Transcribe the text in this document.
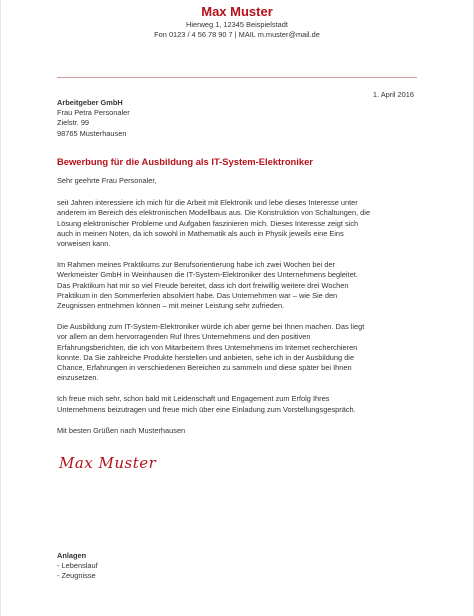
Max Muster
Hierweg 1, 12345 Beispielstadt
Fon 0123 / 4 56 78 90 7 | MAIL m.muster@mail.de
1. April 2016
Arbeitgeber GmbH
Frau Petra Personaler
Zielstr. 99
98765 Musterhausen
Bewerbung für die Ausbildung als IT-System-Elektroniker

Sehr geehrte Frau Personaler,

seit Jahren interessiere ich mich für die Arbeit mit Elektronik und lebe dieses Interesse unter
anderem im Bereich des elektronischen Modellbaus aus. Die Konstruktion von Schaltungen, die
Lösung elektronischer Probleme und Aufgaben faszinieren mich. Dieses Interesse zeigt sich
auch in meinen Noten, da ich sowohl in Mathematik als auch in Physik jeweils eine Eins
vorweisen kann.

Im Rahmen meines Praktikums zur Berufsorientierung habe ich zwei Wochen bei der
Werkmeister GmbH in Weinhausen die IT-System-Elektroniker des Unternehmens begleitet.
Das Praktikum hat mir so viel Freude bereitet, dass ich dort freiwillig weitere drei Wochen
Praktikum in den Sommerferien absolviert habe. Das Unternehmen war – wie Sie den
Zeugnissen entnehmen können – mit meiner Leistung sehr zufrieden.

Die Ausbildung zum IT-System-Elektroniker würde ich aber gerne bei Ihnen machen. Das liegt
vor allem an dem hervorragenden Ruf Ihres Unternehmens und den positiven
Erfahrungsberichten, die ich von Mitarbeitern Ihres Unternehmens im Internet recherchieren
konnte. Da Sie zahlreiche Produkte herstellen und anbieten, sehe ich in der Ausbildung die
Chance, Erfahrungen in verschiedenen Bereichen zu sammeln und diese später bei Ihnen
einzusetzen.

Ich freue mich sehr, schon bald mit Leidenschaft und Engagement zum Erfolg Ihres
Unternehmens beizutragen und freue mich über eine Einladung zum Vorstellungsgespräch.

Mit besten Grüßen nach Musterhausen

Max Muster
Anlagen
- Lebenslauf
- Zeugnisse
